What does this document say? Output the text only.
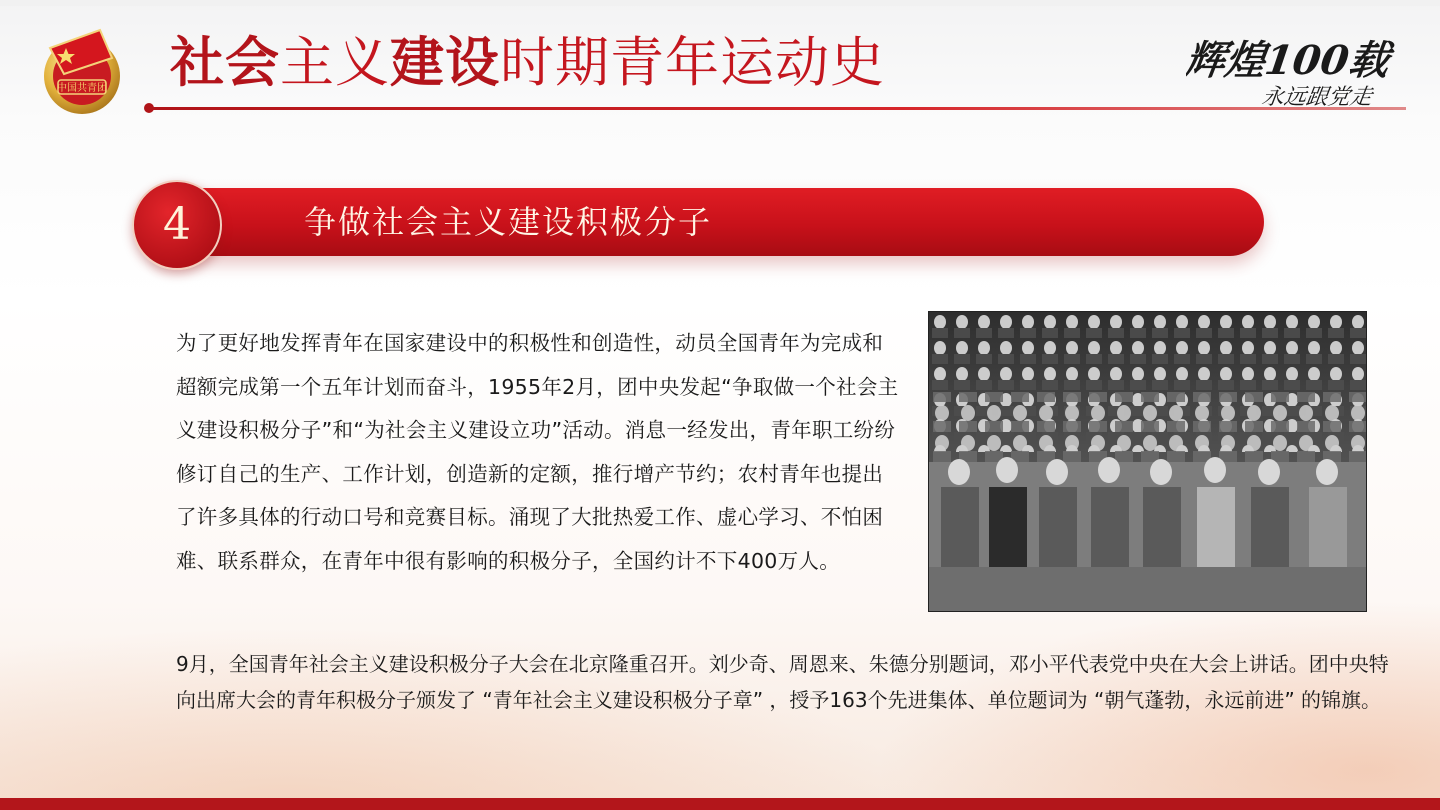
中国共青团 社会主义建设时期青年运动史	辉煌100载
永远跟党走
4	争做社会主义建设积极分子

为了更好地发挥青年在国家建设中的积极性和创造性，动员全国青年为完成和超额完成第一个五年计划而奋斗，1955年2月，团中央发起“争取做一个社会主义建设积极分子”和“为社会主义建设立功”活动。消息一经发出，青年职工纷纷修订自己的生产、工作计划，创造新的定额，推行增产节约；农村青年也提出了许多具体的行动口号和竞赛目标。涌现了大批热爱工作、虚心学习、不怕困难、联系群众，在青年中很有影响的积极分子，全国约计不下400万人。

9月，全国青年社会主义建设积极分子大会在北京隆重召开。刘少奇、周恩来、朱德分别题词，邓小平代表党中央在大会上讲话。团中央特向出席大会的青年积极分子颁发了 “青年社会主义建设积极分子章” ，授予163个先进集体、单位题词为 “朝气蓬勃，永远前进” 的锦旗。
